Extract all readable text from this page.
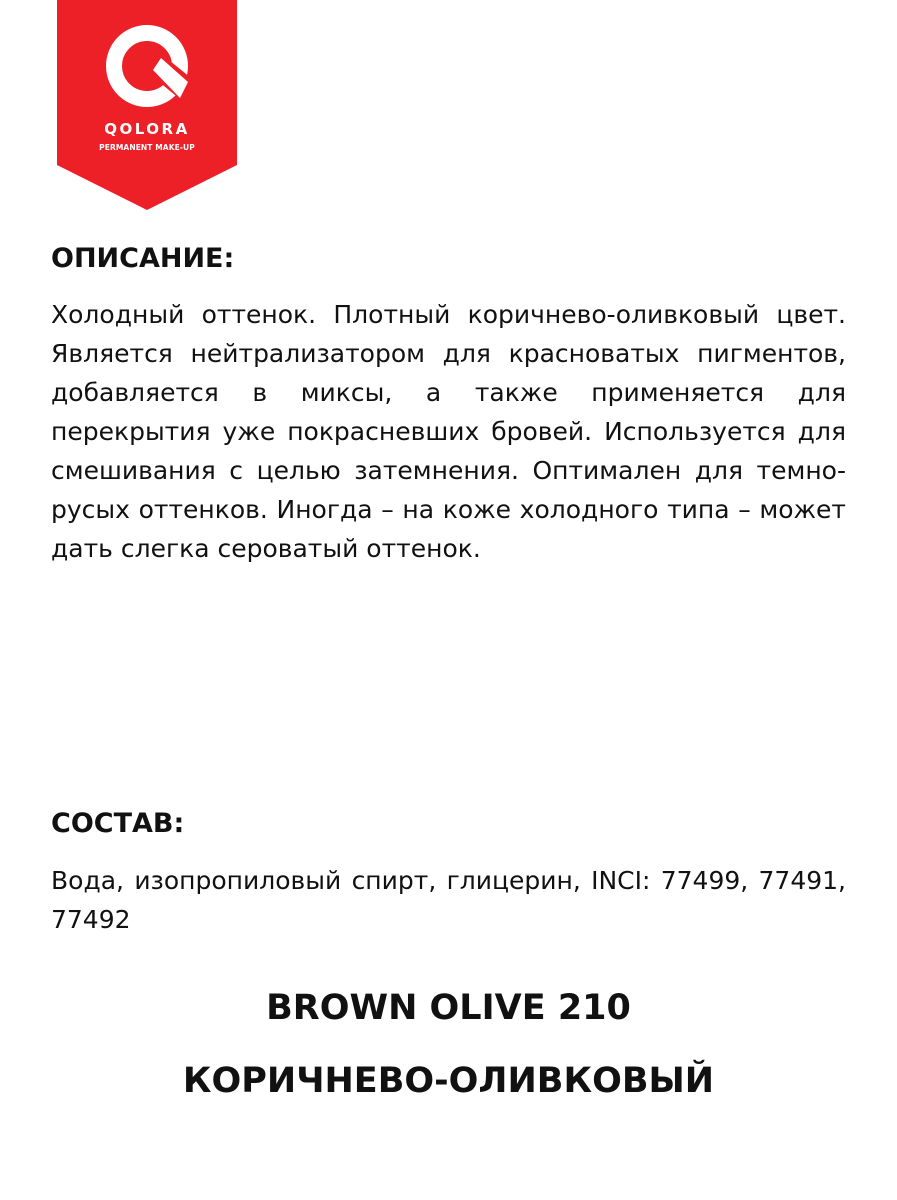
QOLORA
PERMANENT MAKE-UP
ОПИСАНИЕ:

Холодный оттенок. Плотный коричнево-оливковый цвет. Является нейтрализатором для красноватых пигментов, добавляется в миксы, а также применяется для перекрытия уже покрасневших бровей. Используется для смешивания с целью затемнения. Оптимален для темно-русых оттенков. Иногда – на коже холодного типа – может дать слегка сероватый оттенок.

СОСТАВ:

Вода, изопропиловый спирт, глицерин, INCI: 77499, 77491, 77492

BROWN OLIVE 210
КОРИЧНЕВО-ОЛИВКОВЫЙ
